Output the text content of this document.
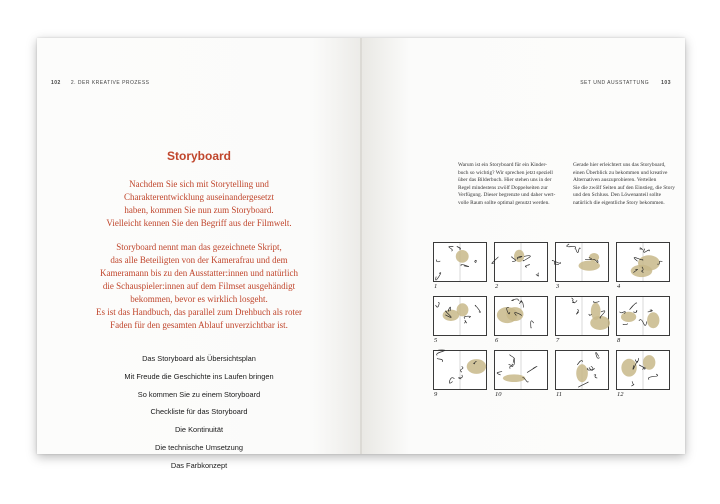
102 2. DER KREATIVE PROZESS
Storyboard
Nachdem Sie sich mit Storytelling und
Charakterentwicklung auseinandergesetzt
haben, kommen Sie nun zum Storyboard.
Vielleicht kennen Sie den Begriff aus der Filmwelt.
Storyboard nennt man das gezeichnete Skript,
das alle Beteiligten von der Kamerafrau und dem
Kameramann bis zu den Ausstatter:innen und natürlich
die Schauspieler:innen auf dem Filmset ausgehändigt
bekommen, bevor es wirklich losgeht.
Es ist das Handbuch, das parallel zum Drehbuch als roter
Faden für den gesamten Ablauf unverzichtbar ist.
Das Storyboard als Übersichtsplan
Mit Freude die Geschichte ins Laufen bringen
So kommen Sie zu einem Storyboard
Checkliste für das Storyboard
Die Kontinuität
Die technische Umsetzung
Das Farbkonzept
SET UND AUSSTATTUNG 103
Warum ist ein Storyboard für ein Kinder-
buch so wichtig? Wir sprechen jetzt speziell
über das Bilderbuch. Hier stehen uns in der
Regel mindestens zwölf Doppelseiten zur
Verfügung. Dieser begrenzte und daher wert-
volle Raum sollte optimal genutzt werden.
Gerade hier erleichtert uns das Storyboard,
einen Überblick zu bekommen und kreative
Alternativen auszuprobieren. Verteilen
Sie die zwölf Seiten auf den Einstieg, die Story
und den Schluss. Den Löwenanteil sollte
natürlich die eigentliche Story bekommen.
1	2	3	4
5	6	7	8
9	10	11	12
